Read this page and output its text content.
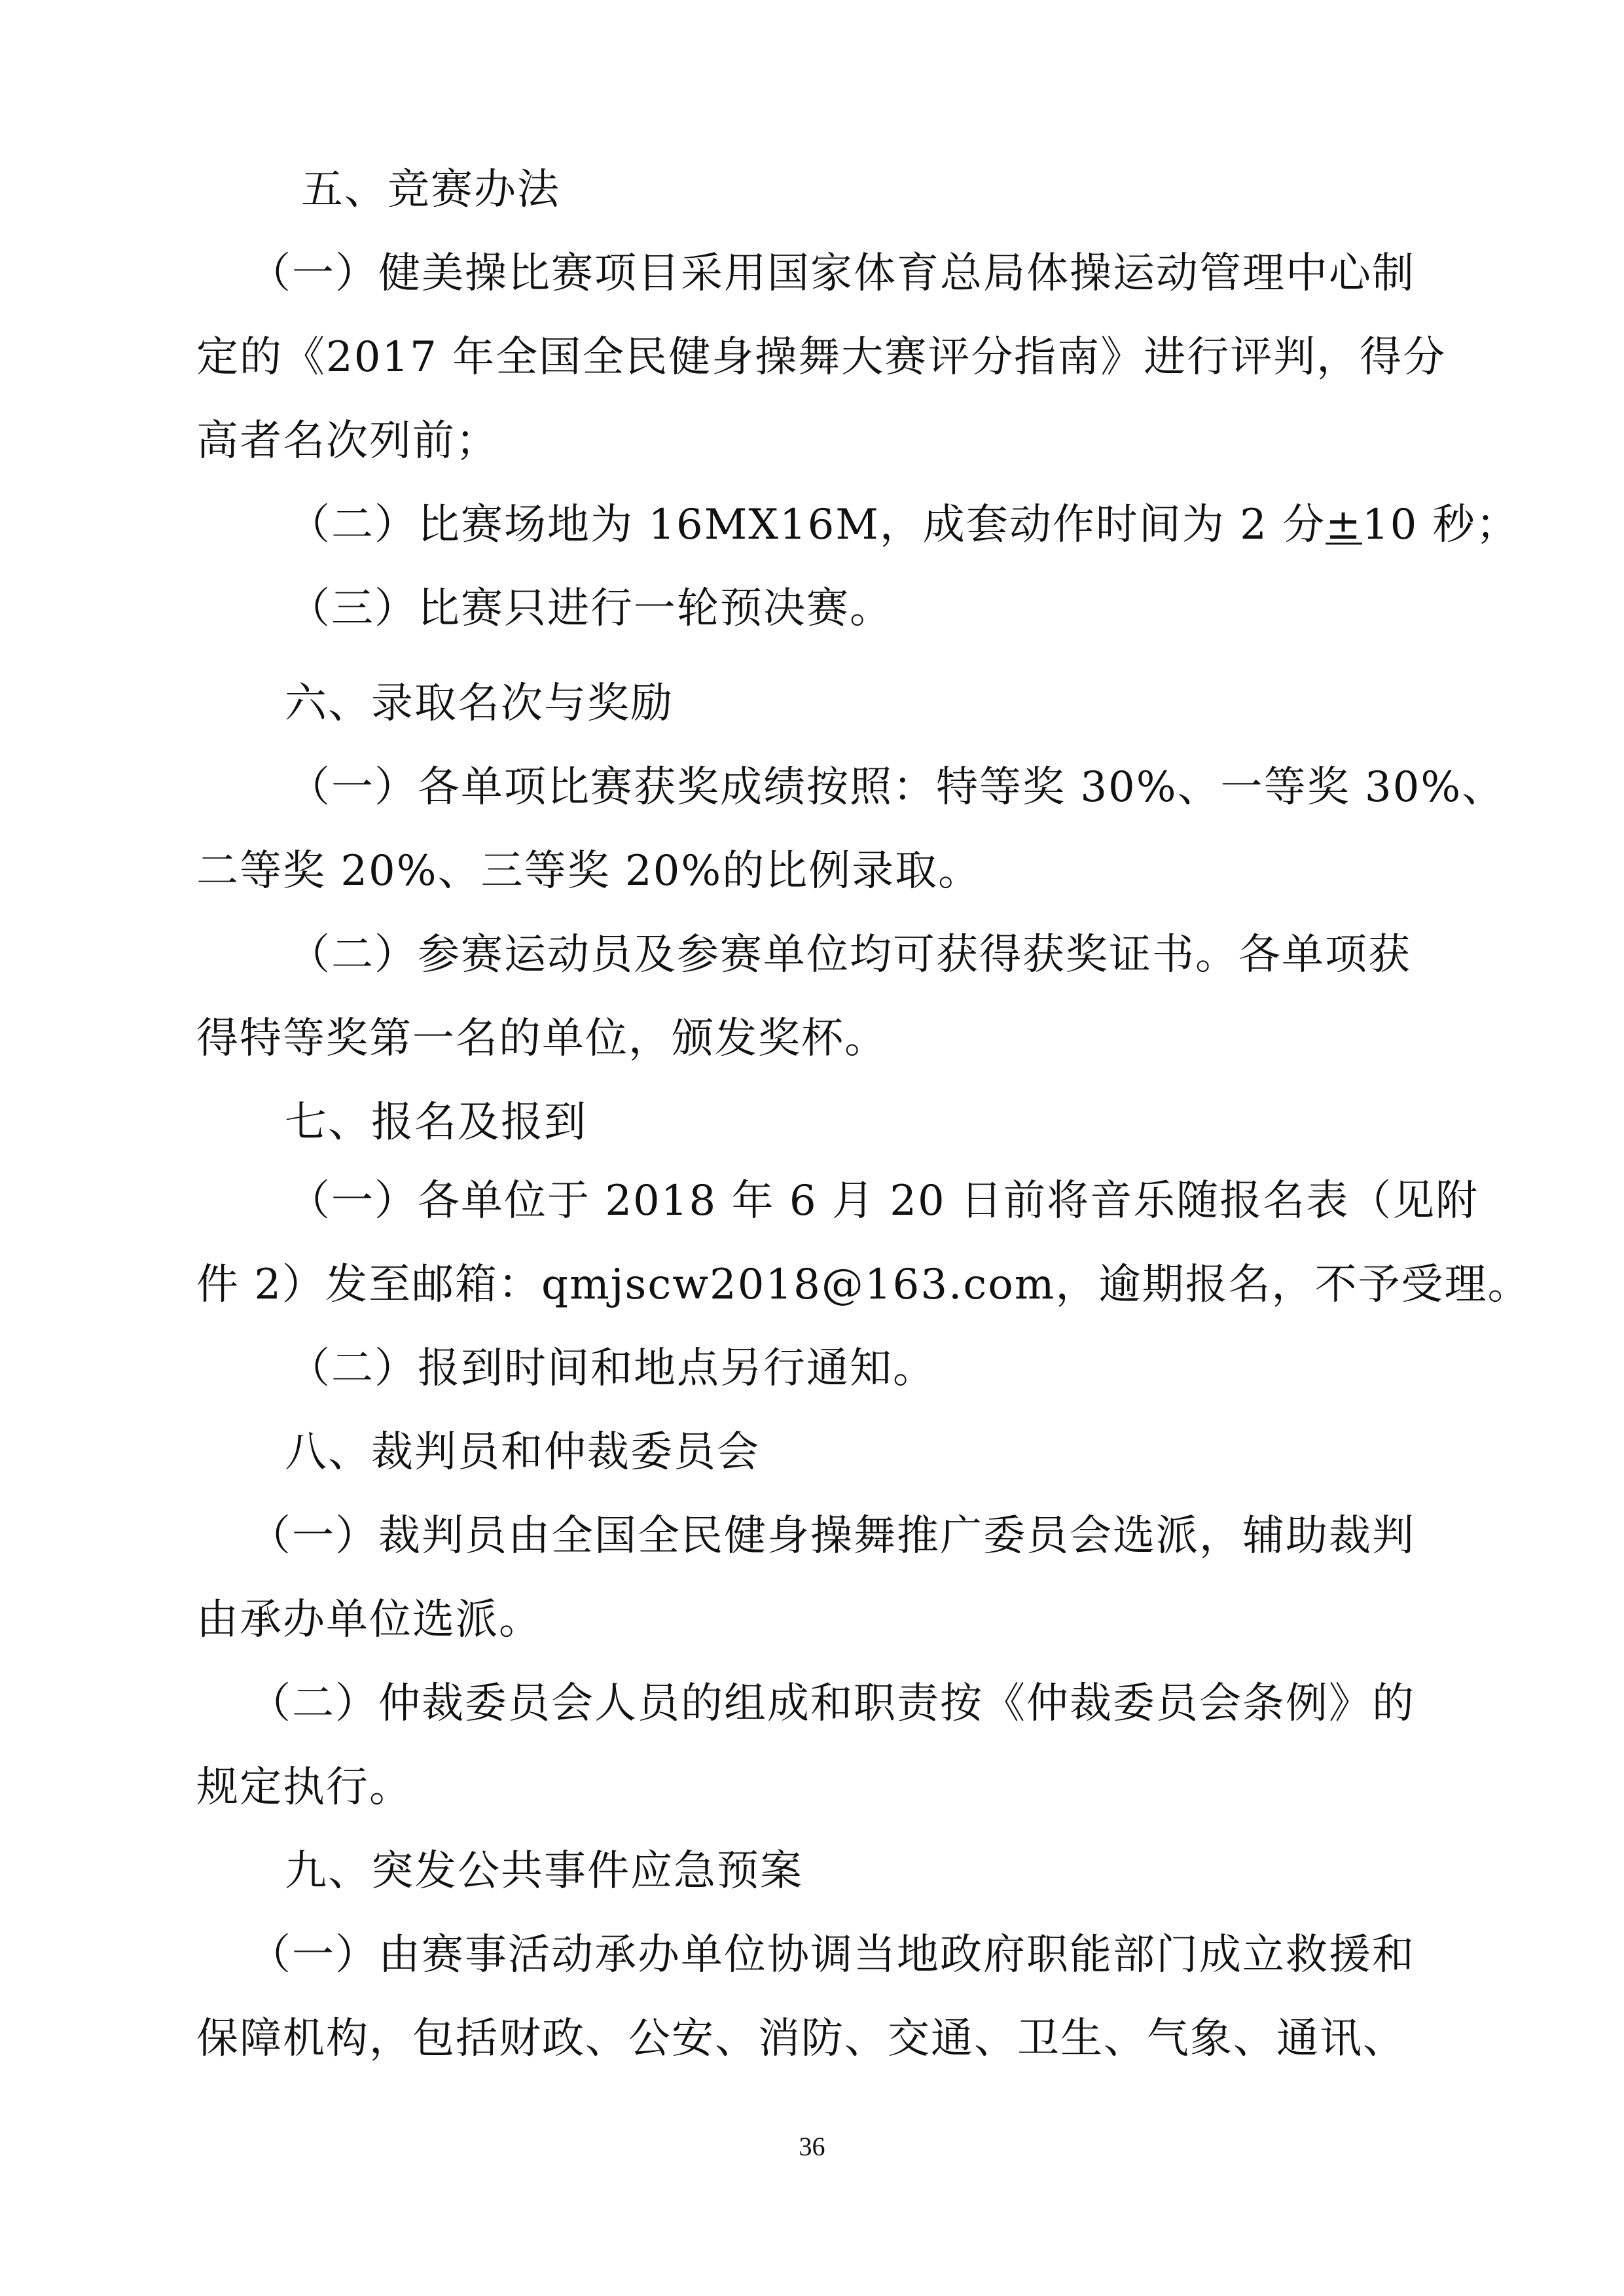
五、竞赛办法
（一）健美操比赛项目采用国家体育总局体操运动管理中心制
定的《2017 年全国全民健身操舞大赛评分指南》进行评判，得分
高者名次列前；
（二）比赛场地为 16MX16M，成套动作时间为 2 分±10 秒；
（三）比赛只进行一轮预决赛。
六、录取名次与奖励
（一）各单项比赛获奖成绩按照：特等奖 30%、一等奖 30%、
二等奖 20%、三等奖 20%的比例录取。
（二）参赛运动员及参赛单位均可获得获奖证书。各单项获
得特等奖第一名的单位，颁发奖杯。
七、报名及报到
（一）各单位于 2018 年 6 月 20 日前将音乐随报名表（见附
件 2）发至邮箱：qmjscw2018@163.com，逾期报名，不予受理。
（二）报到时间和地点另行通知。
八、裁判员和仲裁委员会
（一）裁判员由全国全民健身操舞推广委员会选派，辅助裁判
由承办单位选派。
（二）仲裁委员会人员的组成和职责按《仲裁委员会条例》的
规定执行。
九、突发公共事件应急预案
（一）由赛事活动承办单位协调当地政府职能部门成立救援和
保障机构，包括财政、公安、消防、交通、卫生、气象、通讯、
36
